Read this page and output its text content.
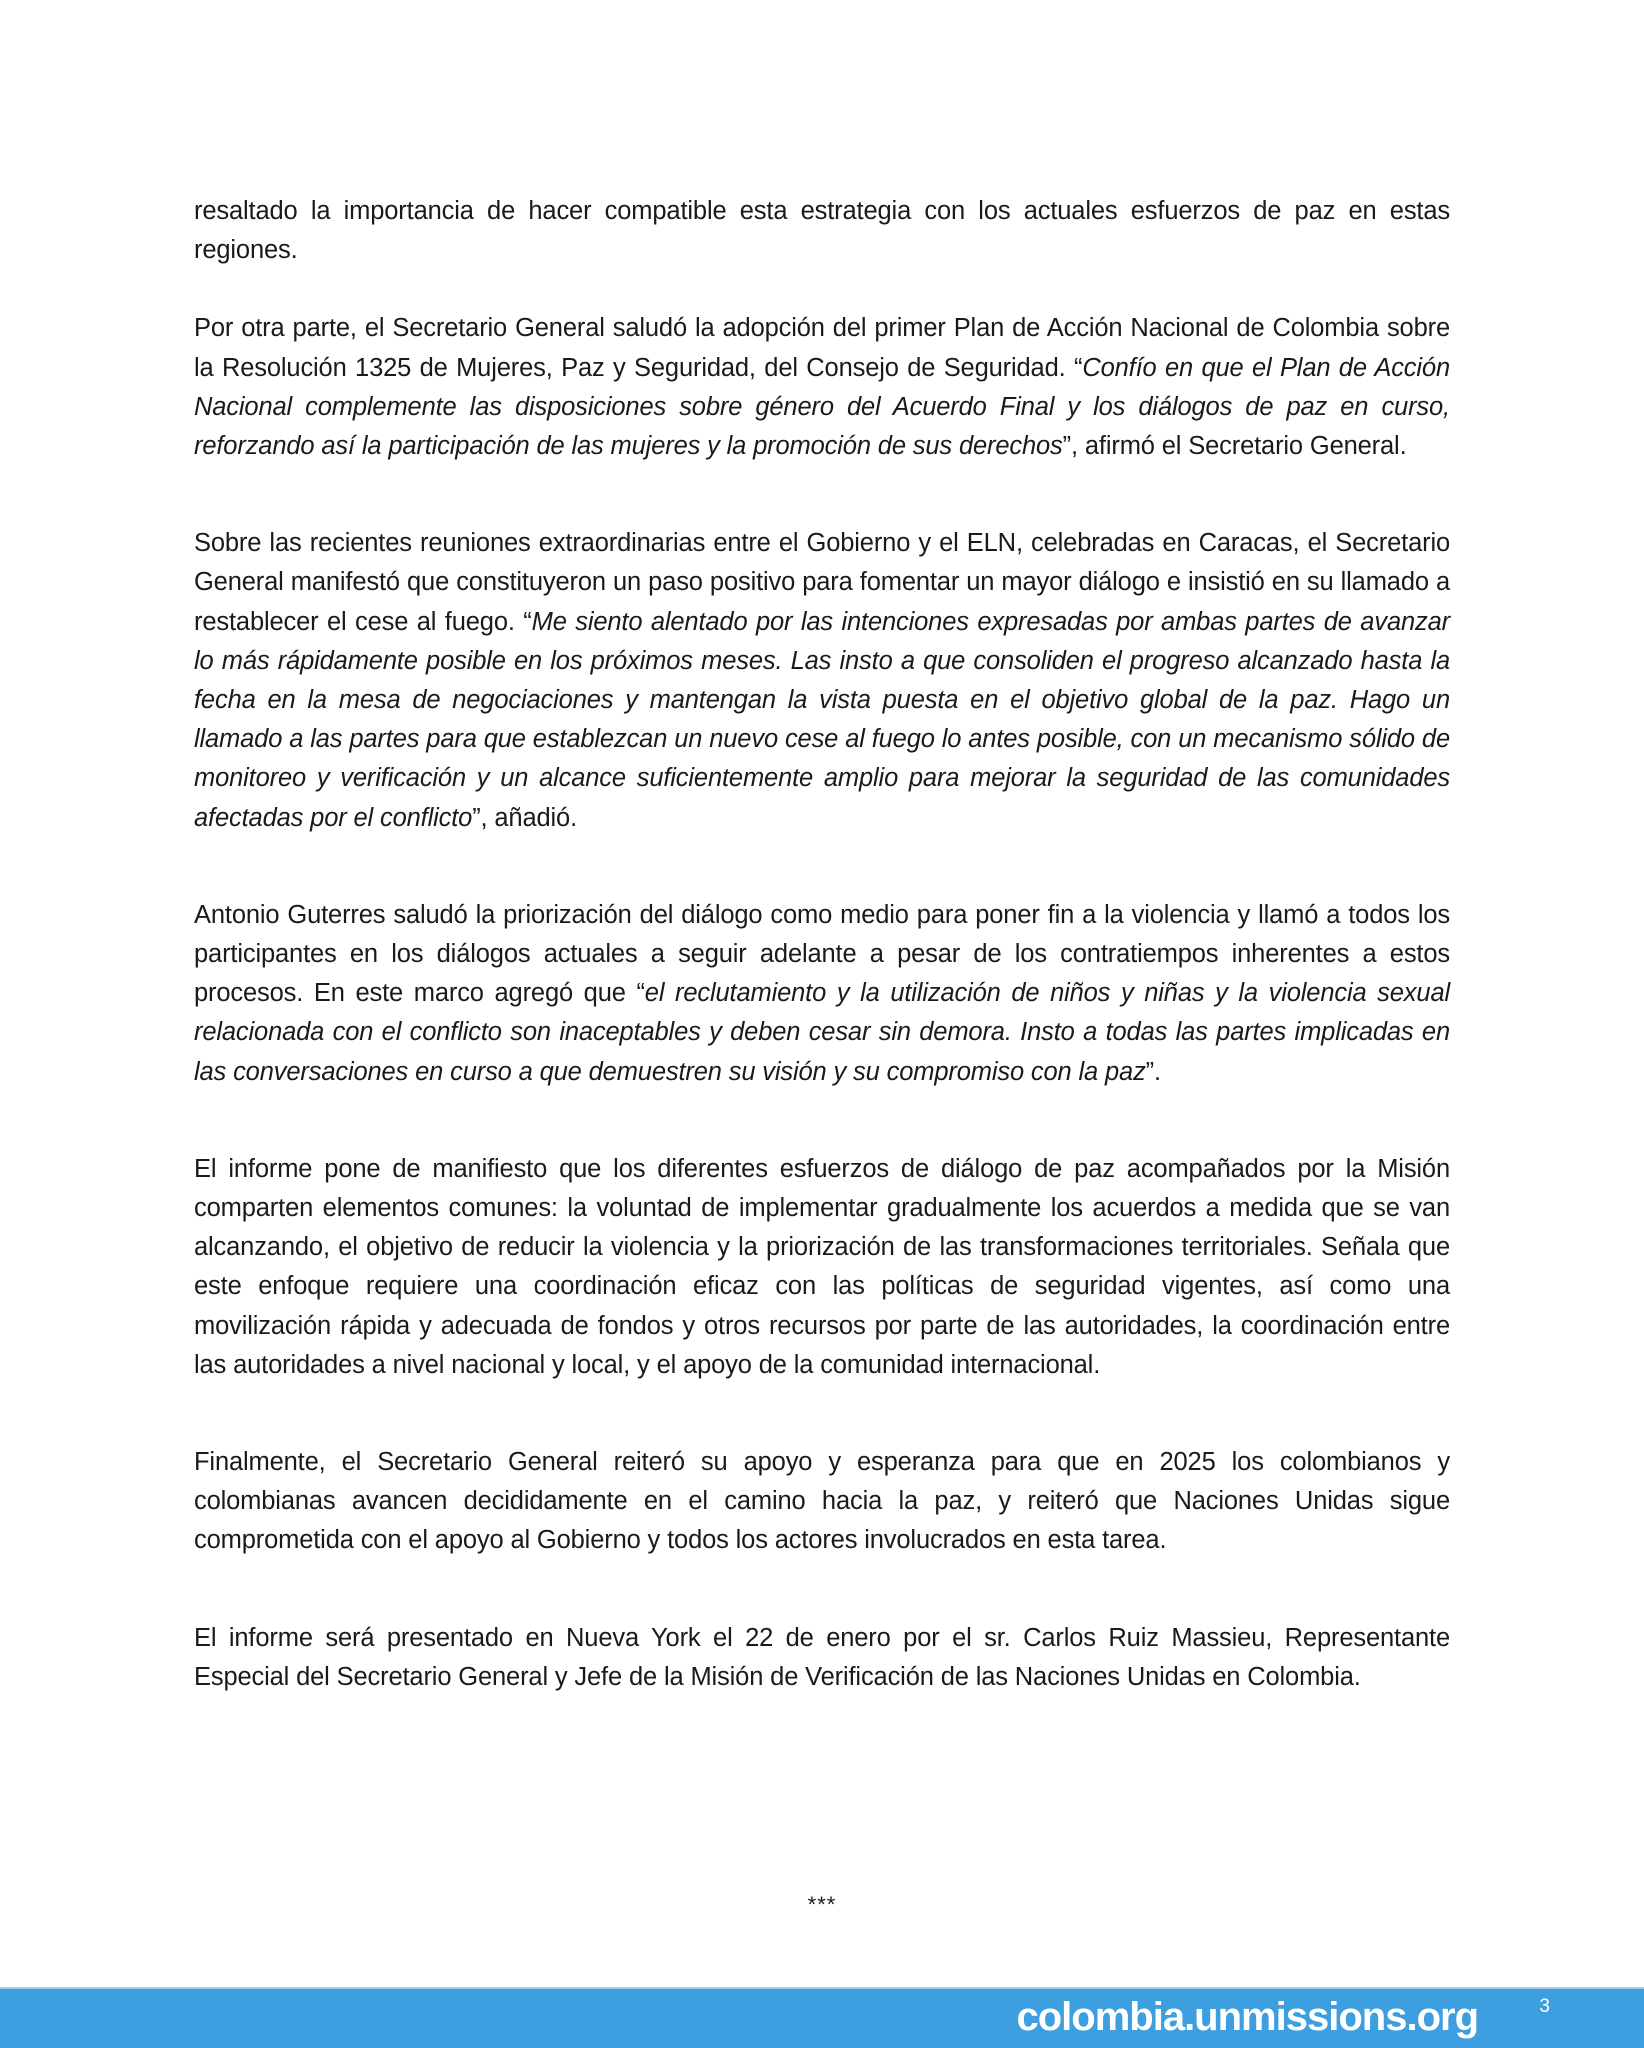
resaltado la importancia de hacer compatible esta estrategia con los actuales esfuerzos de paz en estas regiones.

Por otra parte, el Secretario General saludó la adopción del primer Plan de Acción Nacional de Colombia sobre la Resolución 1325 de Mujeres, Paz y Seguridad, del Consejo de Seguridad. “Confío en que el Plan de Acción Nacional complemente las disposiciones sobre género del Acuerdo Final y los diálogos de paz en curso, reforzando así la participación de las mujeres y la promoción de sus derechos”, afirmó el Secretario General.

Sobre las recientes reuniones extraordinarias entre el Gobierno y el ELN, celebradas en Caracas, el Secretario General manifestó que constituyeron un paso positivo para fomentar un mayor diálogo e insistió en su llamado a restablecer el cese al fuego. “Me siento alentado por las intenciones expresadas por ambas partes de avanzar lo más rápidamente posible en los próximos meses. Las insto a que consoliden el progreso alcanzado hasta la fecha en la mesa de negociaciones y mantengan la vista puesta en el objetivo global de la paz. Hago un llamado a las partes para que establezcan un nuevo cese al fuego lo antes posible, con un mecanismo sólido de monitoreo y verificación y un alcance suficientemente amplio para mejorar la seguridad de las comunidades afectadas por el conflicto”, añadió.

Antonio Guterres saludó la priorización del diálogo como medio para poner fin a la violencia y llamó a todos los participantes en los diálogos actuales a seguir adelante a pesar de los contratiempos inherentes a estos procesos. En este marco agregó que “el reclutamiento y la utilización de niños y niñas y la violencia sexual relacionada con el conflicto son inaceptables y deben cesar sin demora. Insto a todas las partes implicadas en las conversaciones en curso a que demuestren su visión y su compromiso con la paz”.

El informe pone de manifiesto que los diferentes esfuerzos de diálogo de paz acompañados por la Misión comparten elementos comunes: la voluntad de implementar gradualmente los acuerdos a medida que se van alcanzando, el objetivo de reducir la violencia y la priorización de las transformaciones territoriales. Señala que este enfoque requiere una coordinación eficaz con las políticas de seguridad vigentes, así como una movilización rápida y adecuada de fondos y otros recursos por parte de las autoridades, la coordinación entre las autoridades a nivel nacional y local, y el apoyo de la comunidad internacional.

Finalmente, el Secretario General reiteró su apoyo y esperanza para que en 2025 los colombianos y colombianas avancen decididamente en el camino hacia la paz, y reiteró que Naciones Unidas sigue comprometida con el apoyo al Gobierno y todos los actores involucrados en esta tarea.

El informe será presentado en Nueva York el 22 de enero por el sr. Carlos Ruiz Massieu, Representante Especial del Secretario General y Jefe de la Misión de Verificación de las Naciones Unidas en Colombia.

***
colombia.unmissions.org	3
